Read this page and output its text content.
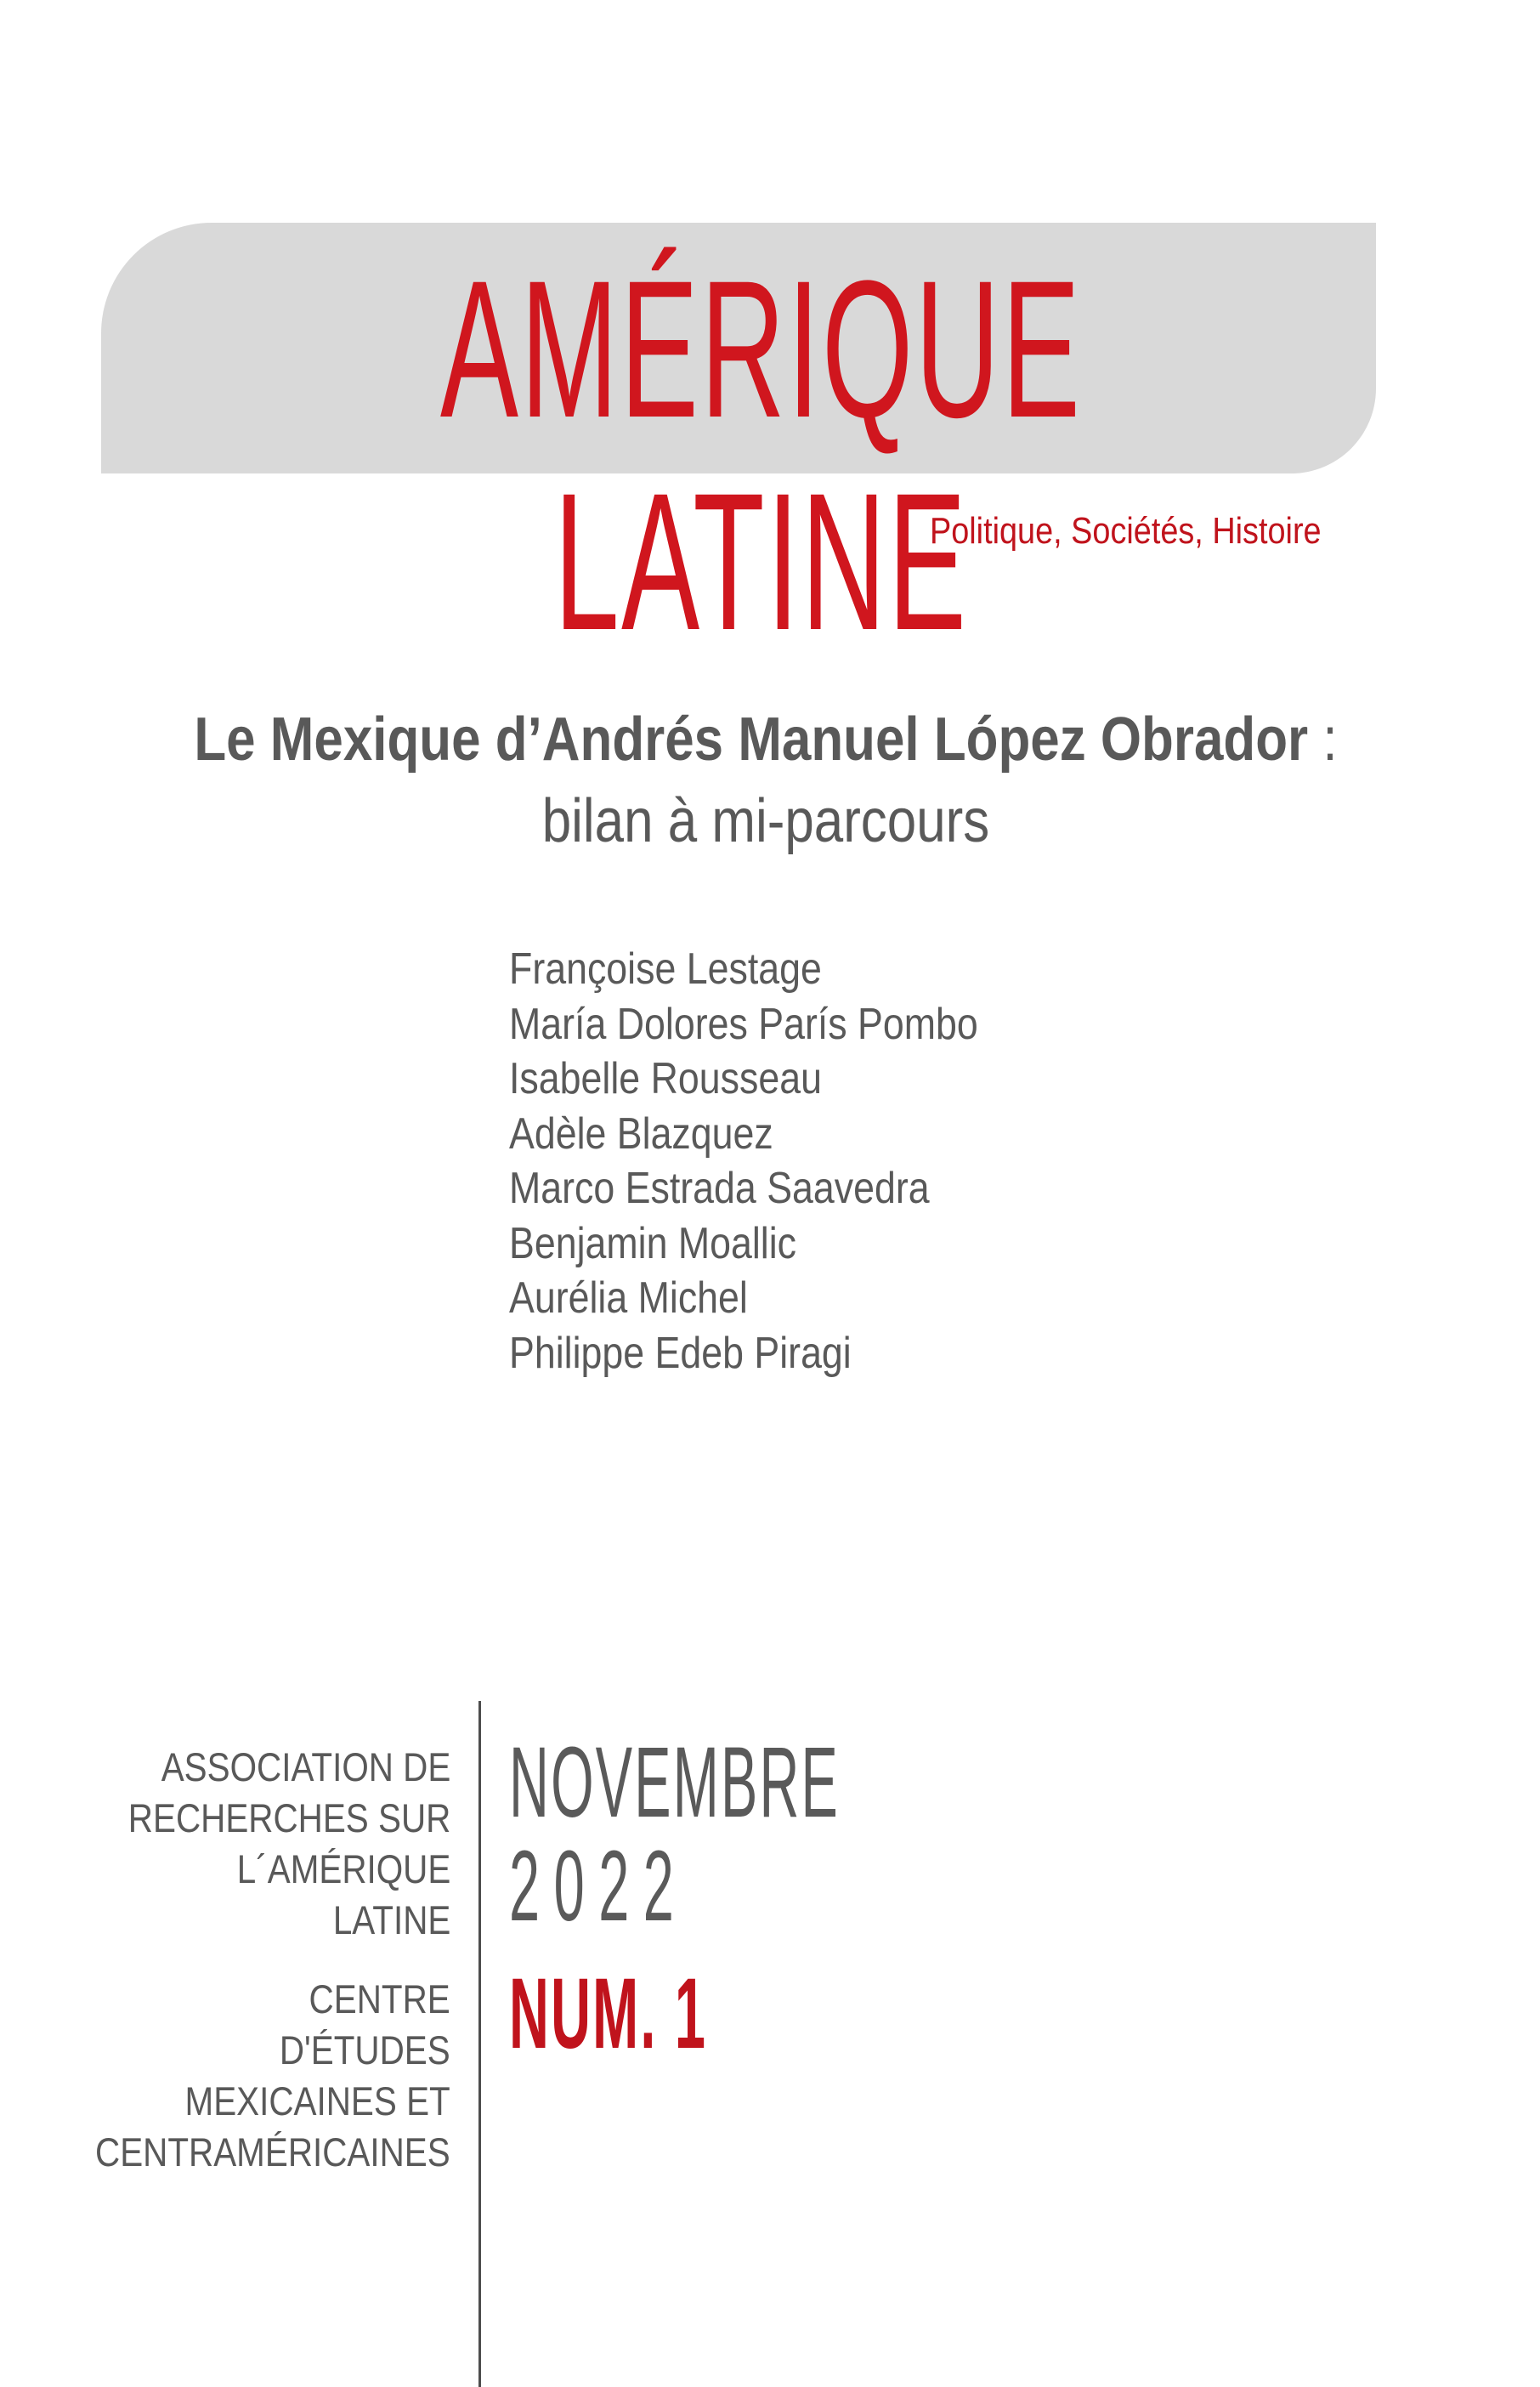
AMÉRIQUE LATINE
Politique, Sociétés, Histoire
Le Mexique d’Andrés Manuel López Obrador :
bilan à mi-parcours
Françoise Lestage
María Dolores París Pombo
Isabelle Rousseau
Adèle Blazquez
Marco Estrada Saavedra
Benjamin Moallic
Aurélia Michel
Philippe Edeb Piragi
ASSOCIATION DE
RECHERCHES SUR
L´AMÉRIQUE
LATINE
CENTRE
D'ÉTUDES
MEXICAINES ET
CENTRAMÉRICAINES
NOVEMBRE
2022
NUM. 1
